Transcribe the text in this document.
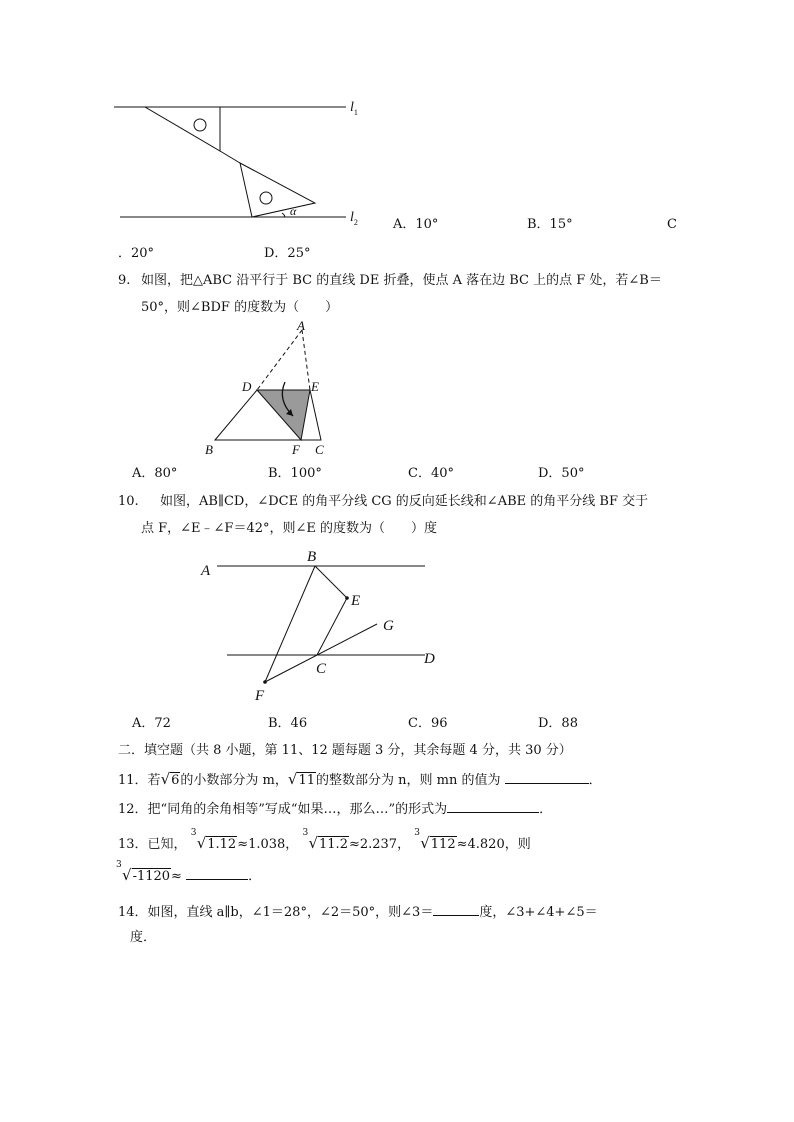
α
$l_1$
$l_2$	A．10°	B．15°	C
．20°	D．25°
9. 如图，把△ABC 沿平行于 BC 的直线 DE 折叠，使点 A 落在边 BC 上的点 F 处，若∠B＝
50°，则∠BDF 的度数为（　　）
A
D	E
B	F C
A．80°	B．100°	C．40°	D．50°
10. 如图，AB∥CD，∠DCE 的角平分线 CG 的反向延长线和∠ABE 的角平分线 BF 交于
点 F，∠E﹣∠F＝42°，则∠E 的度数为（　　）度
A
B
E
G
C
D
F
A．72	B．46	C．96	D．88
二．填空题（共 8 小题，第 11、12 题每题 3 分，其余每题 4 分，共 30 分）
11．若√6的小数部分为 m，√11的整数部分为 n，则 mn 的值为	．
12．把“同角的余角相等”写成“如果…，那么…”的形式为	．
13．已知，
3
√1.12≈1.038，
3
√11.2≈2.237，
3
√112≈4.820，则
3
√-1120≈	．
14．如图，直线 a∥b，∠1＝28°，∠2＝50°，则∠3＝	度，∠3+∠4+∠5＝
度．
